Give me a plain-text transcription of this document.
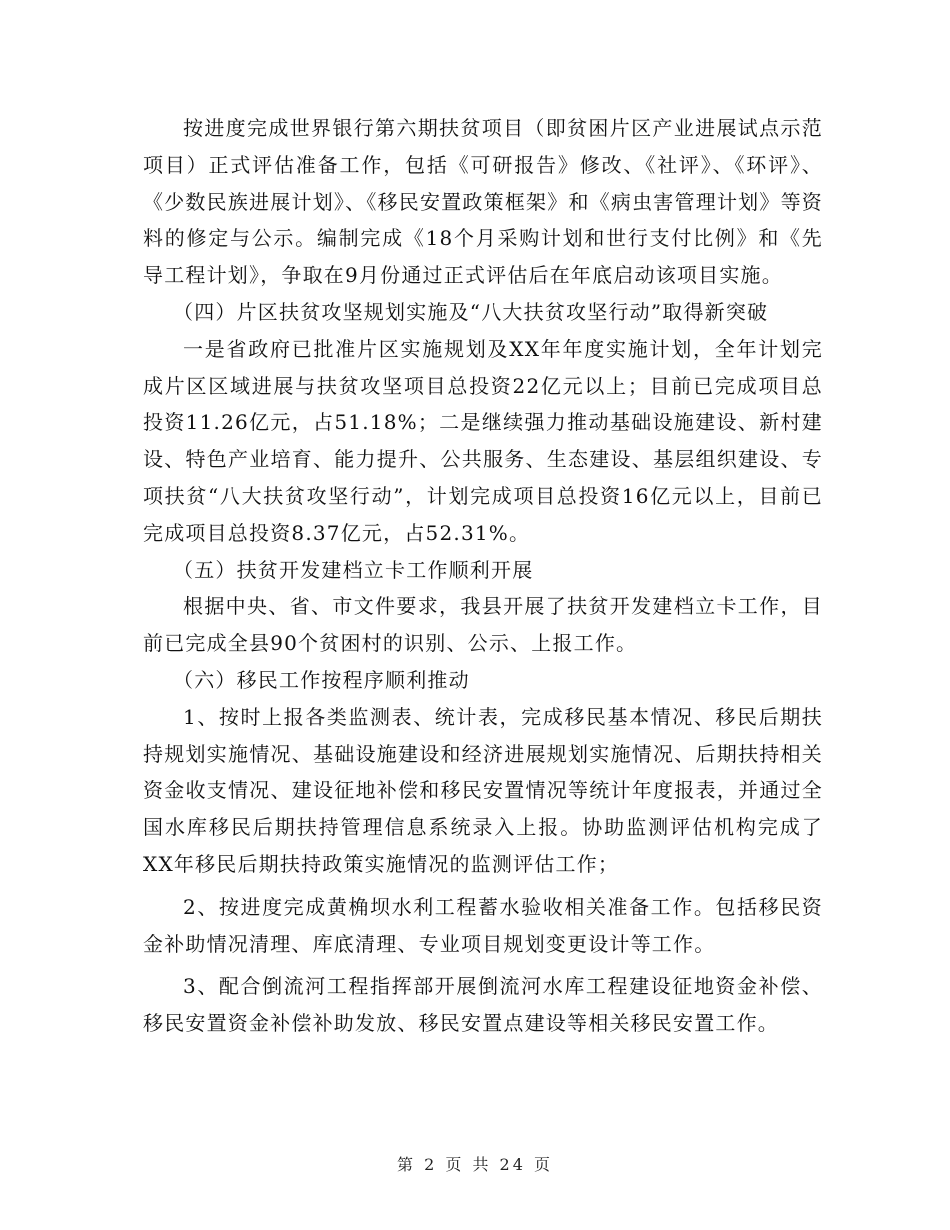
按进度完成世界银行第六期扶贫项目（即贫困片区产业进展试点示范项目）正式评估准备工作，包括《可研报告》修改、《社评》、《环评》、《少数民族进展计划》、《移民安置政策框架》和《病虫害管理计划》等资料的修定与公示。编制完成《18个月采购计划和世行支付比例》和《先导工程计划》，争取在9月份通过正式评估后在年底启动该项目实施。

（四）片区扶贫攻坚规划实施及“八大扶贫攻坚行动”取得新突破

一是省政府已批准片区实施规划及XX年年度实施计划，全年计划完成片区区域进展与扶贫攻坚项目总投资22亿元以上；目前已完成项目总投资11.26亿元，占51.18%；二是继续强力推动基础设施建设、新村建设、特色产业培育、能力提升、公共服务、生态建设、基层组织建设、专项扶贫“八大扶贫攻坚行动”，计划完成项目总投资16亿元以上，目前已完成项目总投资8.37亿元，占52.31%。

（五）扶贫开发建档立卡工作顺利开展

根据中央、省、市文件要求，我县开展了扶贫开发建档立卡工作，目前已完成全县90个贫困村的识别、公示、上报工作。

（六）移民工作按程序顺利推动

1、按时上报各类监测表、统计表，完成移民基本情况、移民后期扶持规划实施情况、基础设施建设和经济进展规划实施情况、后期扶持相关资金收支情况、建设征地补偿和移民安置情况等统计年度报表，并通过全国水库移民后期扶持管理信息系统录入上报。协助监测评估机构完成了XX年移民后期扶持政策实施情况的监测评估工作；

2、按进度完成黄桷坝水利工程蓄水验收相关准备工作。包括移民资金补助情况清理、库底清理、专业项目规划变更设计等工作。

3、配合倒流河工程指挥部开展倒流河水库工程建设征地资金补偿、移民安置资金补偿补助发放、移民安置点建设等相关移民安置工作。

第 2 页 共 24 页
